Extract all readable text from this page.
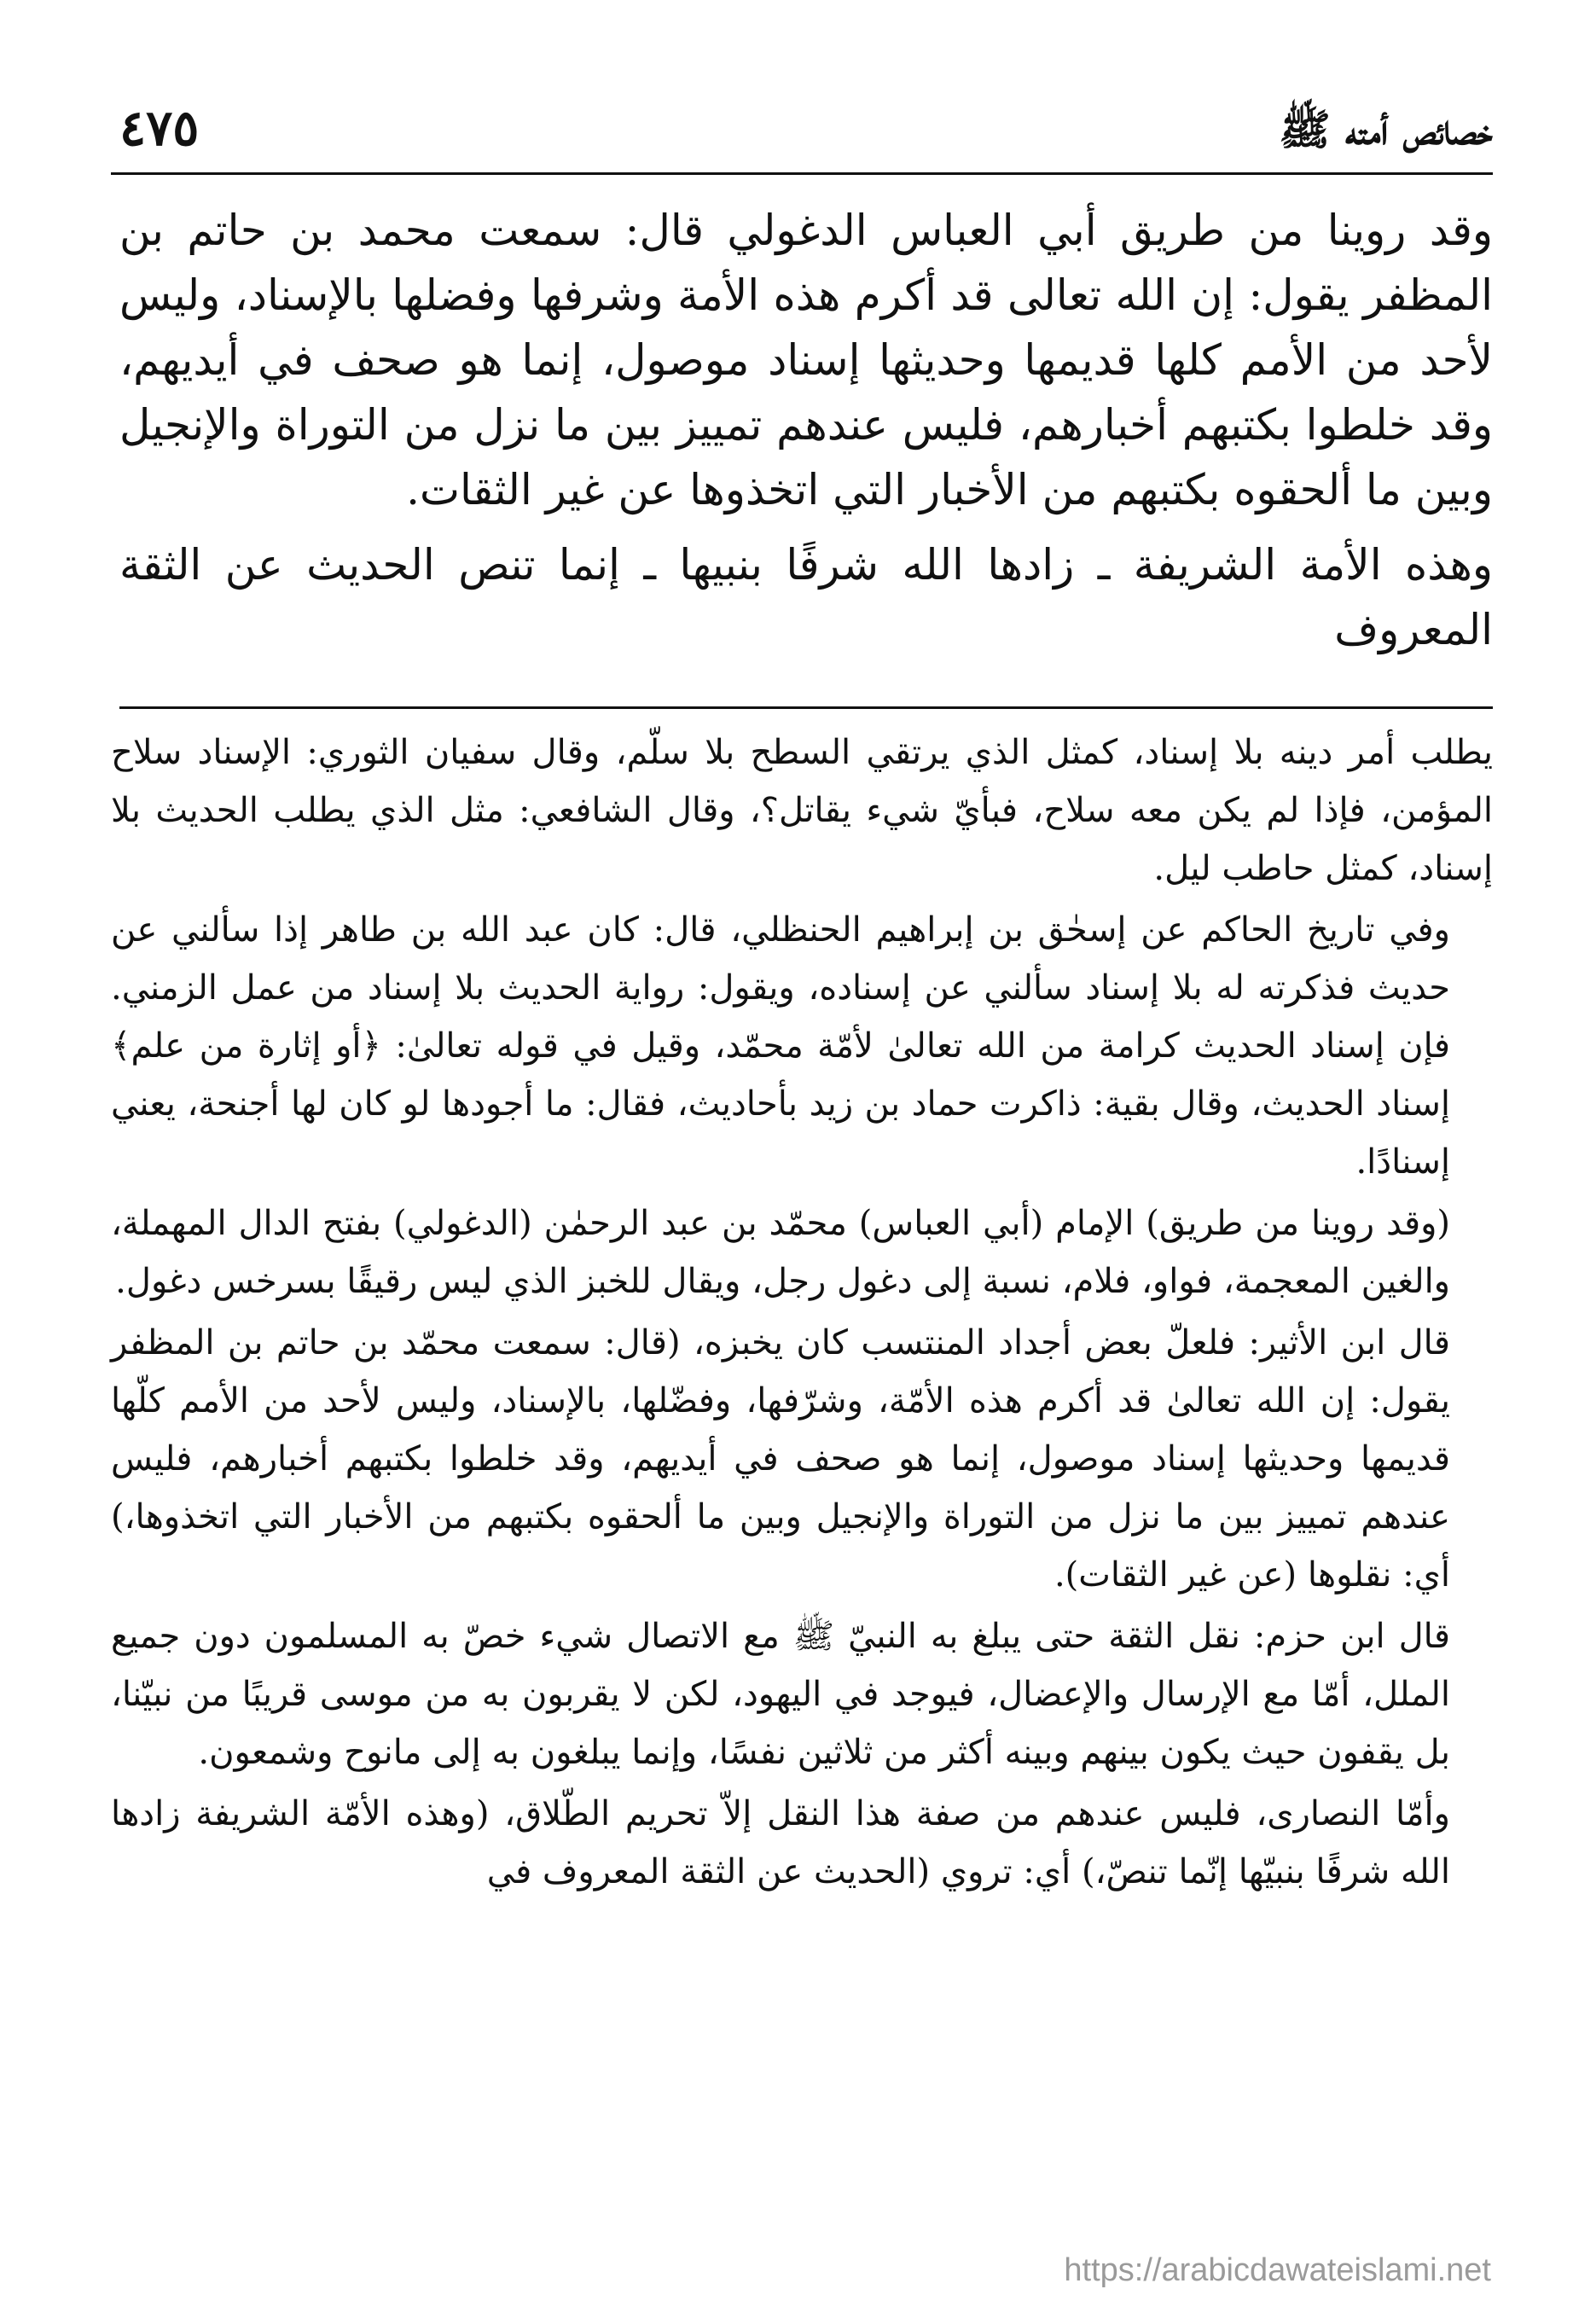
٤٧٥	خصائص أمته ﷺ

وقد روينا من طريق أبي العباس الدغولي قال: سمعت محمد بن حاتم بن المظفر يقول: إن الله تعالى قد أكرم هذه الأمة وشرفها وفضلها بالإسناد، وليس لأحد من الأمم كلها قديمها وحديثها إسناد موصول، إنما هو صحف في أيديهم، وقد خلطوا بكتبهم أخبارهم، فليس عندهم تمييز بين ما نزل من التوراة والإنجيل وبين ما ألحقوه بكتبهم من الأخبار التي اتخذوها عن غير الثقات.

وهذه الأمة الشريفة ـ زادها الله شرفًا بنبيها ـ إنما تنص الحديث عن الثقة المعروف

يطلب أمر دينه بلا إسناد، كمثل الذي يرتقي السطح بلا سلّم، وقال سفيان الثوري: الإسناد سلاح المؤمن، فإذا لم يكن معه سلاح، فبأيّ شيء يقاتل؟، وقال الشافعي: مثل الذي يطلب الحديث بلا إسناد، كمثل حاطب ليل.

وفي تاريخ الحاكم عن إسحٰق بن إبراهيم الحنظلي، قال: كان عبد الله بن طاهر إذا سألني عن حديث فذكرته له بلا إسناد سألني عن إسناده، ويقول: رواية الحديث بلا إسناد من عمل الزمني. فإن إسناد الحديث كرامة من الله تعالىٰ لأمّة محمّد، وقيل في قوله تعالىٰ: ﴿أو إثارة من علم﴾ إسناد الحديث، وقال بقية: ذاكرت حماد بن زيد بأحاديث، فقال: ما أجودها لو كان لها أجنحة، يعني إسنادًا.

(وقد روينا من طريق) الإمام (أبي العباس) محمّد بن عبد الرحمٰن (الدغولي) بفتح الدال المهملة، والغين المعجمة، فواو، فلام، نسبة إلى دغول رجل، ويقال للخبز الذي ليس رقيقًا بسرخس دغول.

قال ابن الأثير: فلعلّ بعض أجداد المنتسب كان يخبزه، (قال: سمعت محمّد بن حاتم بن المظفر يقول: إن الله تعالىٰ قد أكرم هذه الأمّة، وشرّفها، وفضّلها، بالإسناد، وليس لأحد من الأمم كلّها قديمها وحديثها إسناد موصول، إنما هو صحف في أيديهم، وقد خلطوا بكتبهم أخبارهم، فليس عندهم تمييز بين ما نزل من التوراة والإنجيل وبين ما ألحقوه بكتبهم من الأخبار التي اتخذوها،) أي: نقلوها (عن غير الثقات).

قال ابن حزم: نقل الثقة حتى يبلغ به النبيّ ﷺ مع الاتصال شيء خصّ به المسلمون دون جميع الملل، أمّا مع الإرسال والإعضال، فيوجد في اليهود، لكن لا يقربون به من موسى قريبًا من نبيّنا، بل يقفون حيث يكون بينهم وبينه أكثر من ثلاثين نفسًا، وإنما يبلغون به إلى مانوح وشمعون.

وأمّا النصارى، فليس عندهم من صفة هذا النقل إلاّ تحريم الطّلاق، (وهذه الأمّة الشريفة زادها الله شرفًا بنبيّها إنّما تنصّ،) أي: تروي (الحديث عن الثقة المعروف في

https://arabicdawateislami.net
